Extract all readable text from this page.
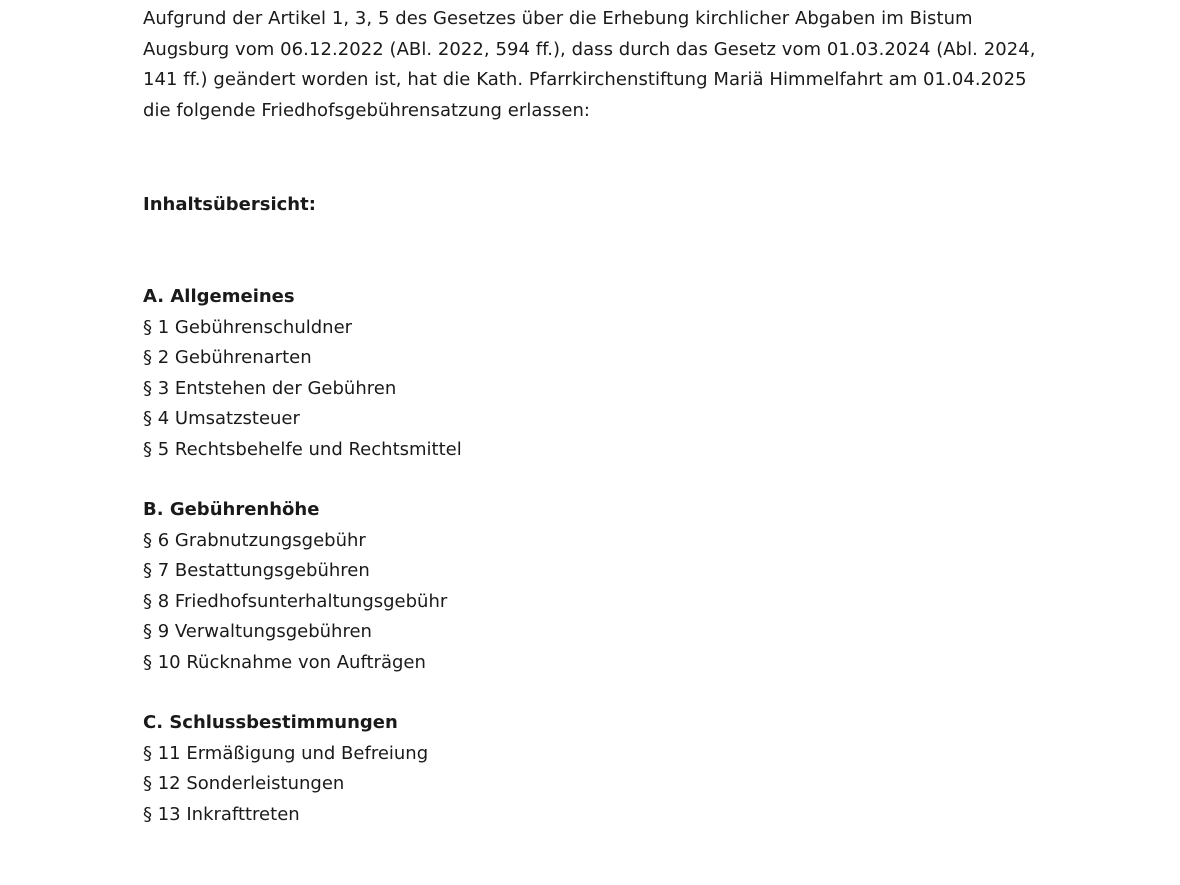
Aufgrund der Artikel 1, 3, 5 des Gesetzes über die Erhebung kirchlicher Abgaben im Bistum Augsburg vom 06.12.2022 (ABl. 2022, 594 ff.), dass durch das Gesetz vom 01.03.2024 (Abl. 2024, 141 ff.) geändert worden ist, hat die Kath. Pfarrkirchenstiftung Mariä Himmelfahrt am 01.04.2025 die folgende Friedhofsgebührensatzung erlassen:

Inhaltsübersicht:
A. Allgemeines
§ 1 Gebührenschuldner
§ 2 Gebührenarten
§ 3 Entstehen der Gebühren
§ 4 Umsatzsteuer
§ 5 Rechtsbehelfe und Rechtsmittel
B. Gebührenhöhe
§ 6 Grabnutzungsgebühr
§ 7 Bestattungsgebühren
§ 8 Friedhofsunterhaltungsgebühr
§ 9 Verwaltungsgebühren
§ 10 Rücknahme von Aufträgen
C. Schlussbestimmungen
§ 11 Ermäßigung und Befreiung
§ 12 Sonderleistungen
§ 13 Inkrafttreten
